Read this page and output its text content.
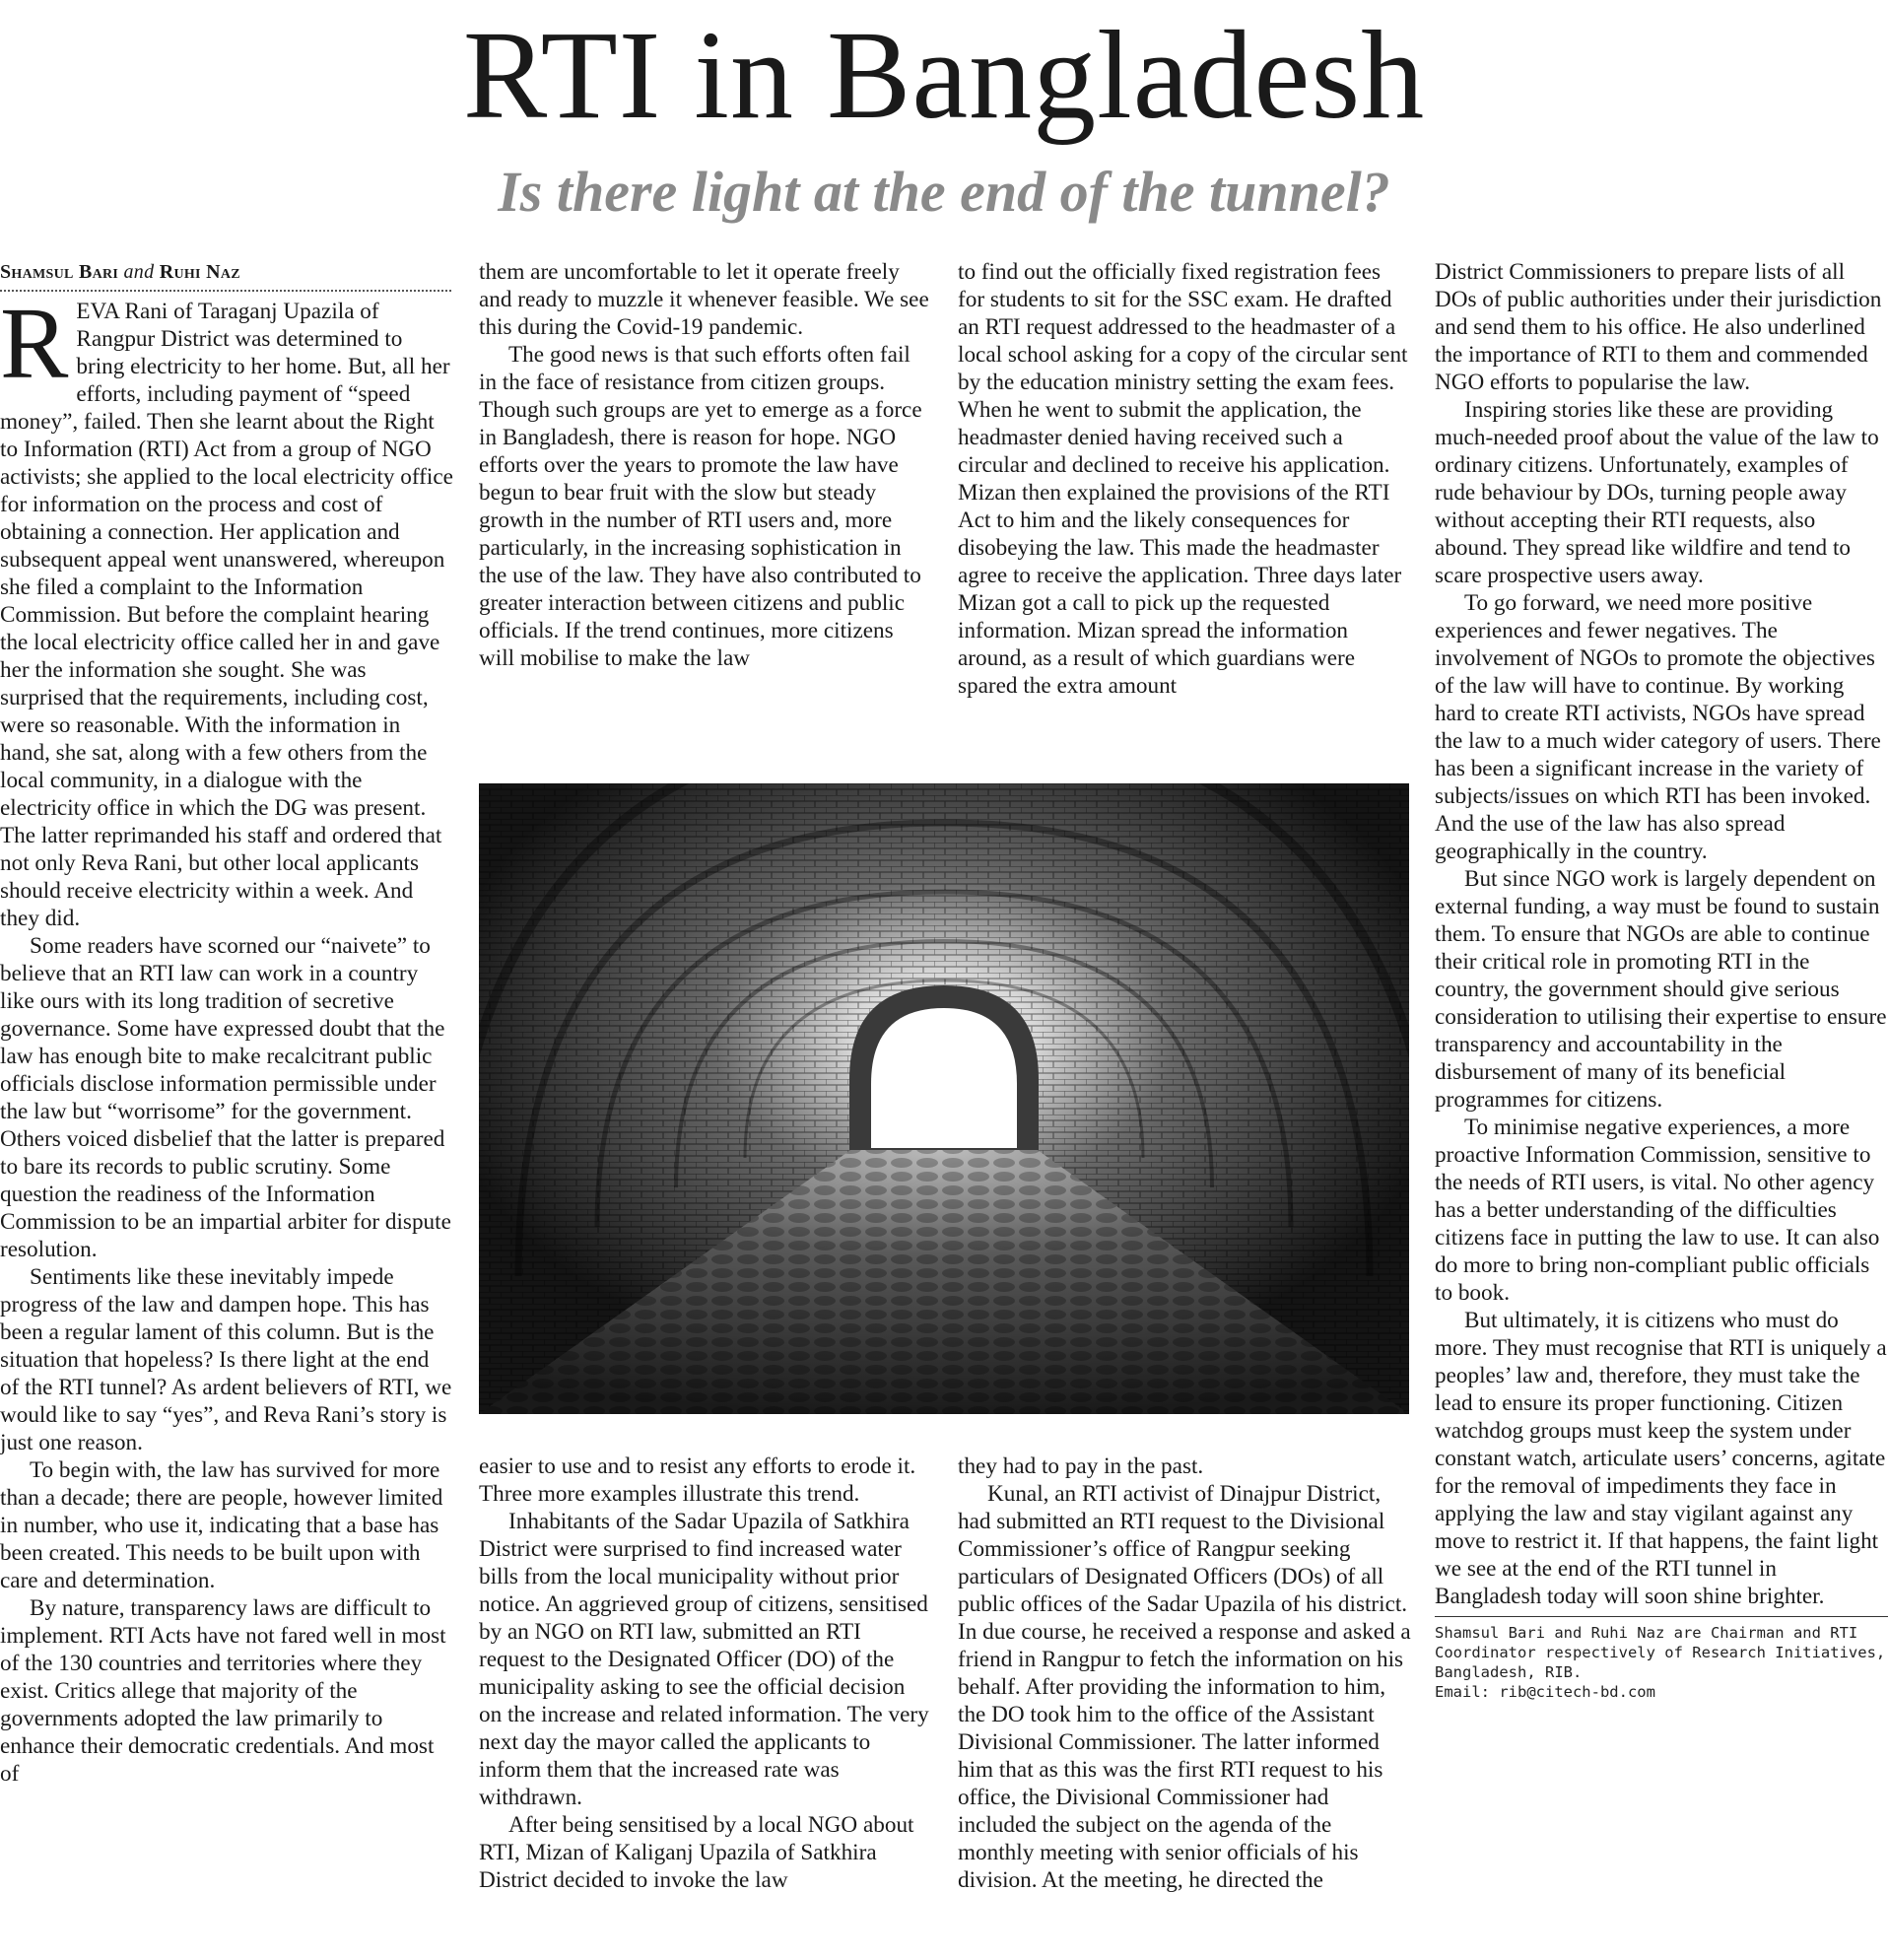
RTI in Bangladesh
Is there light at the end of the tunnel?
Shamsul Bari and Ruhi Naz

REVA Rani of Taraganj Upazila of Rangpur District was determined to bring electricity to her home. But, all her efforts, including payment of “speed money”, failed. Then she learnt about the Right to Information (RTI) Act from a group of NGO activists; she applied to the local electricity office for information on the process and cost of obtaining a connection. Her application and subsequent appeal went unanswered, whereupon she filed a complaint to the Information Commission. But before the complaint hearing the local electricity office called her in and gave her the information she sought. She was surprised that the requirements, including cost, were so reasonable. With the information in hand, she sat, along with a few others from the local community, in a dialogue with the electricity office in which the DG was present. The latter reprimanded his staff and ordered that not only Reva Rani, but other local applicants should receive electricity within a week. And they did.

Some readers have scorned our “naivete” to believe that an RTI law can work in a country like ours with its long tradition of secretive governance. Some have expressed doubt that the law has enough bite to make recalcitrant public officials disclose information permissible under the law but “worrisome” for the government. Others voiced disbelief that the latter is prepared to bare its records to public scrutiny. Some question the readiness of the Information Commission to be an impartial arbiter for dispute resolution.

Sentiments like these inevitably impede progress of the law and dampen hope. This has been a regular lament of this column. But is the situation that hopeless? Is there light at the end of the RTI tunnel? As ardent believers of RTI, we would like to say “yes”, and Reva Rani’s story is just one reason.

To begin with, the law has survived for more than a decade; there are people, however limited in number, who use it, indicating that a base has been created. This needs to be built upon with care and determination.

By nature, transparency laws are difficult to implement. RTI Acts have not fared well in most of the 130 countries and territories where they exist. Critics allege that majority of the governments adopted the law primarily to enhance their democratic credentials. And most of

them are uncomfortable to let it operate freely and ready to muzzle it whenever feasible. We see this during the Covid-19 pandemic.

The good news is that such efforts often fail in the face of resistance from citizen groups. Though such groups are yet to emerge as a force in Bangladesh, there is reason for hope. NGO efforts over the years to promote the law have begun to bear fruit with the slow but steady growth in the number of RTI users and, more particularly, in the increasing sophistication in the use of the law. They have also contributed to greater interaction between citizens and public officials. If the trend continues, more citizens will mobilise to make the law

to find out the officially fixed registration fees for students to sit for the SSC exam. He drafted an RTI request addressed to the headmaster of a local school asking for a copy of the circular sent by the education ministry setting the exam fees. When he went to submit the application, the headmaster denied having received such a circular and declined to receive his application. Mizan then explained the provisions of the RTI Act to him and the likely consequences for disobeying the law. This made the headmaster agree to receive the application. Three days later Mizan got a call to pick up the requested information. Mizan spread the information around, as a result of which guardians were spared the extra amount

easier to use and to resist any efforts to erode it. Three more examples illustrate this trend.

Inhabitants of the Sadar Upazila of Satkhira District were surprised to find increased water bills from the local municipality without prior notice. An aggrieved group of citizens, sensitised by an NGO on RTI law, submitted an RTI request to the Designated Officer (DO) of the municipality asking to see the official decision on the increase and related information. The very next day the mayor called the applicants to inform them that the increased rate was withdrawn.

After being sensitised by a local NGO about RTI, Mizan of Kaliganj Upazila of Satkhira District decided to invoke the law

they had to pay in the past.

Kunal, an RTI activist of Dinajpur District, had submitted an RTI request to the Divisional Commissioner’s office of Rangpur seeking particulars of Designated Officers (DOs) of all public offices of the Sadar Upazila of his district. In due course, he received a response and asked a friend in Rangpur to fetch the information on his behalf. After providing the information to him, the DO took him to the office of the Assistant Divisional Commissioner. The latter informed him that as this was the first RTI request to his office, the Divisional Commissioner had included the subject on the agenda of the monthly meeting with senior officials of his division. At the meeting, he directed the

District Commissioners to prepare lists of all DOs of public authorities under their jurisdiction and send them to his office. He also underlined the importance of RTI to them and commended NGO efforts to popularise the law.

Inspiring stories like these are providing much-needed proof about the value of the law to ordinary citizens. Unfortunately, examples of rude behaviour by DOs, turning people away without accepting their RTI requests, also abound. They spread like wildfire and tend to scare prospective users away.

To go forward, we need more positive experiences and fewer negatives. The involvement of NGOs to promote the objectives of the law will have to continue. By working hard to create RTI activists, NGOs have spread the law to a much wider category of users. There has been a significant increase in the variety of subjects/issues on which RTI has been invoked. And the use of the law has also spread geographically in the country.

But since NGO work is largely dependent on external funding, a way must be found to sustain them. To ensure that NGOs are able to continue their critical role in promoting RTI in the country, the government should give serious consideration to utilising their expertise to ensure transparency and accountability in the disbursement of many of its beneficial programmes for citizens.

To minimise negative experiences, a more proactive Information Commission, sensitive to the needs of RTI users, is vital. No other agency has a better understanding of the difficulties citizens face in putting the law to use. It can also do more to bring non-compliant public officials to book.

But ultimately, it is citizens who must do more. They must recognise that RTI is uniquely a peoples’ law and, therefore, they must take the lead to ensure its proper functioning. Citizen watchdog groups must keep the system under constant watch, articulate users’ concerns, agitate for the removal of impediments they face in applying the law and stay vigilant against any move to restrict it. If that happens, the faint light we see at the end of the RTI tunnel in Bangladesh today will soon shine brighter.

Shamsul Bari and Ruhi Naz are Chairman and RTI Coordinator respectively of Research Initiatives, Bangladesh, RIB.
Email: rib@citech-bd.com
